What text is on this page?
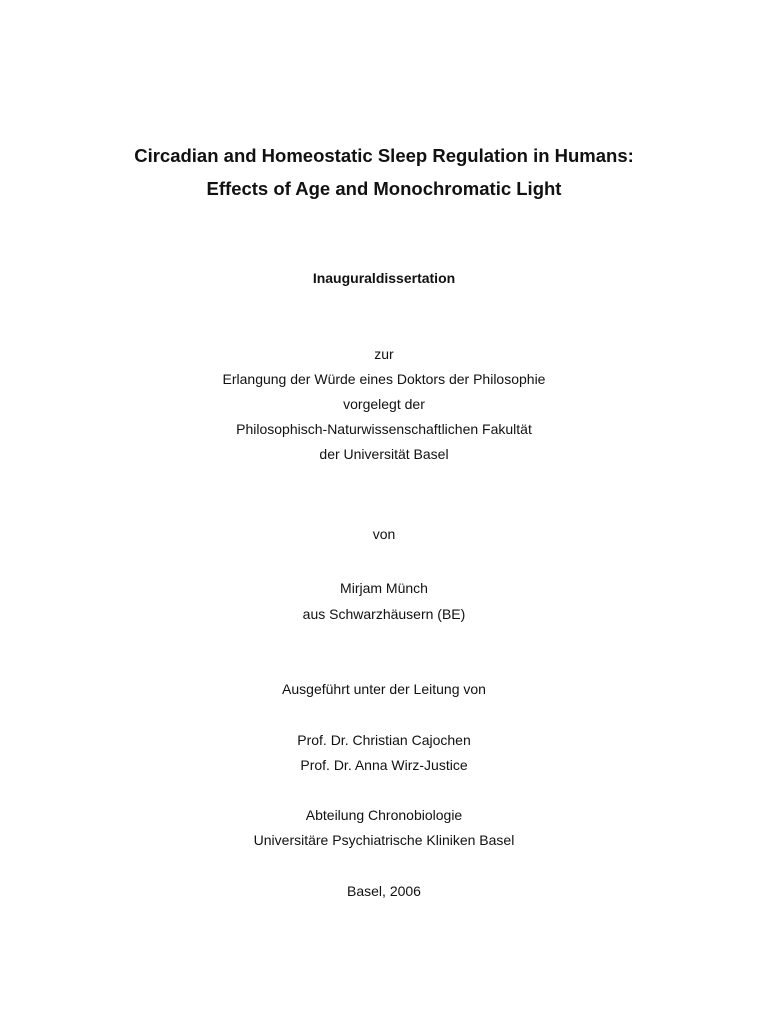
Circadian and Homeostatic Sleep Regulation in Humans:
Effects of Age and Monochromatic Light
Inauguraldissertation
zur
Erlangung der Würde eines Doktors der Philosophie
vorgelegt der
Philosophisch-Naturwissenschaftlichen Fakultät
der Universität Basel
von
Mirjam Münch
aus Schwarzhäusern (BE)
Ausgeführt unter der Leitung von
Prof. Dr. Christian Cajochen
Prof. Dr. Anna Wirz-Justice
Abteilung Chronobiologie
Universitäre Psychiatrische Kliniken Basel
Basel, 2006
